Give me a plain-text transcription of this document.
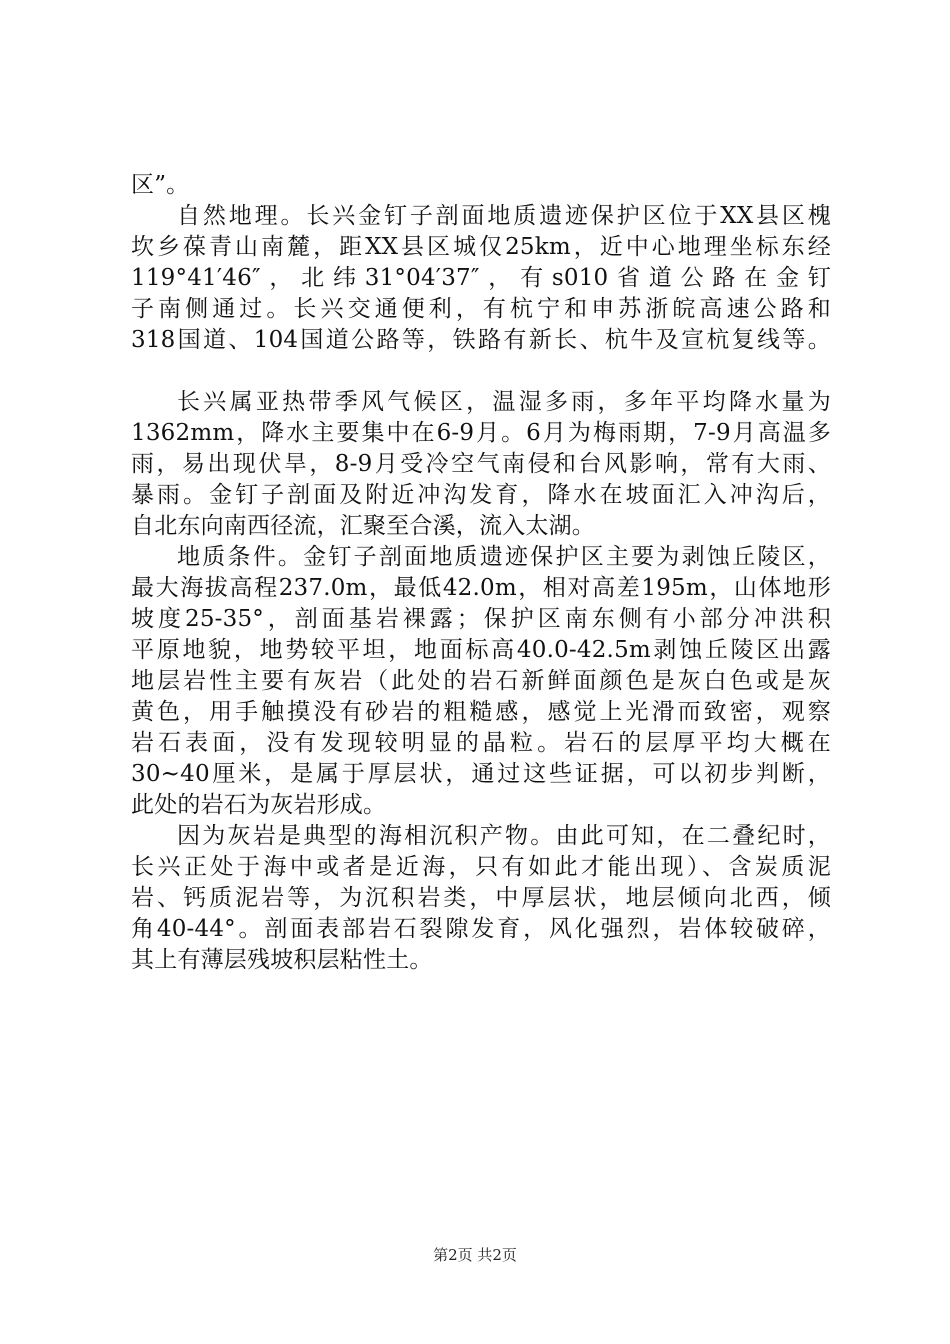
区”。
自然地理。长兴金钉子剖面地质遗迹保护区位于XX县区槐
坎乡葆青山南麓，距XX县区城仅25km，近中心地理坐标东经
119°41′46″，北纬31°04′37″，有s010省道公路在金钉
子南侧通过。长兴交通便利，有杭宁和申苏浙皖高速公路和
318国道、104国道公路等，铁路有新长、杭牛及宣杭复线等。
长兴属亚热带季风气候区，温湿多雨，多年平均降水量为
1362mm，降水主要集中在6-9月。6月为梅雨期，7-9月高温多
雨，易出现伏旱，8-9月受冷空气南侵和台风影响，常有大雨、
暴雨。金钉子剖面及附近冲沟发育，降水在坡面汇入冲沟后，
自北东向南西径流，汇聚至合溪，流入太湖。
地质条件。金钉子剖面地质遗迹保护区主要为剥蚀丘陵区，
最大海拔高程237.0m，最低42.0m，相对高差195m，山体地形
坡度25-35°，剖面基岩裸露；保护区南东侧有小部分冲洪积
平原地貌，地势较平坦，地面标高40.0-42.5m剥蚀丘陵区出露
地层岩性主要有灰岩（此处的岩石新鲜面颜色是灰白色或是灰
黄色，用手触摸没有砂岩的粗糙感，感觉上光滑而致密，观察
岩石表面，没有发现较明显的晶粒。岩石的层厚平均大概在
30~40厘米，是属于厚层状，通过这些证据，可以初步判断，
此处的岩石为灰岩形成。
因为灰岩是典型的海相沉积产物。由此可知，在二叠纪时，
长兴正处于海中或者是近海，只有如此才能出现）、含炭质泥
岩、钙质泥岩等，为沉积岩类，中厚层状，地层倾向北西，倾
角40-44°。剖面表部岩石裂隙发育，风化强烈，岩体较破碎，
其上有薄层残坡积层粘性土。
第2页 共2页
